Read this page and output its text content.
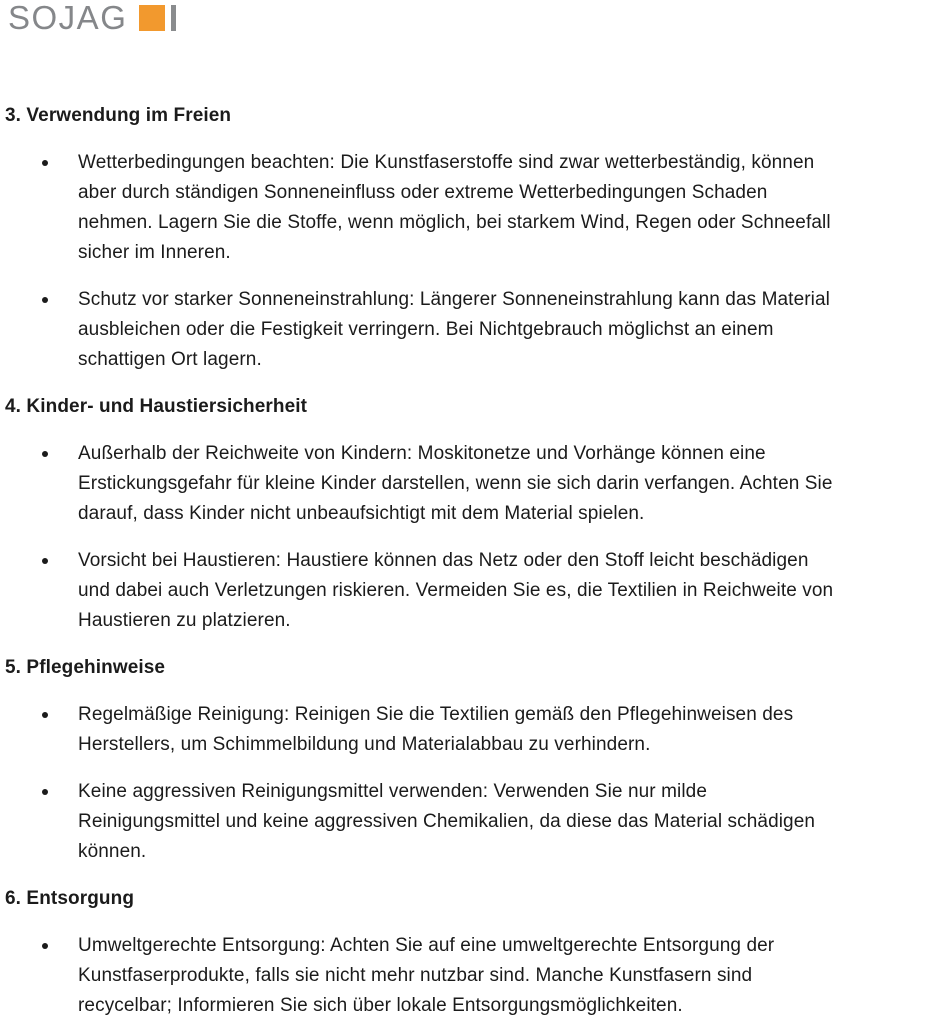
SOJAG
3. Verwendung im Freien
Wetterbedingungen beachten: Die Kunstfaserstoffe sind zwar wetterbeständig, können
aber durch ständigen Sonneneinfluss oder extreme Wetterbedingungen Schaden
nehmen. Lagern Sie die Stoffe, wenn möglich, bei starkem Wind, Regen oder Schneefall
sicher im Inneren.
Schutz vor starker Sonneneinstrahlung: Längerer Sonneneinstrahlung kann das Material
ausbleichen oder die Festigkeit verringern. Bei Nichtgebrauch möglichst an einem
schattigen Ort lagern.
4. Kinder- und Haustiersicherheit
Außerhalb der Reichweite von Kindern: Moskitonetze und Vorhänge können eine
Erstickungsgefahr für kleine Kinder darstellen, wenn sie sich darin verfangen. Achten Sie
darauf, dass Kinder nicht unbeaufsichtigt mit dem Material spielen.
Vorsicht bei Haustieren: Haustiere können das Netz oder den Stoff leicht beschädigen
und dabei auch Verletzungen riskieren. Vermeiden Sie es, die Textilien in Reichweite von
Haustieren zu platzieren.
5. Pflegehinweise
Regelmäßige Reinigung: Reinigen Sie die Textilien gemäß den Pflegehinweisen des
Herstellers, um Schimmelbildung und Materialabbau zu verhindern.
Keine aggressiven Reinigungsmittel verwenden: Verwenden Sie nur milde
Reinigungsmittel und keine aggressiven Chemikalien, da diese das Material schädigen
können.
6. Entsorgung
Umweltgerechte Entsorgung: Achten Sie auf eine umweltgerechte Entsorgung der
Kunstfaserprodukte, falls sie nicht mehr nutzbar sind. Manche Kunstfasern sind
recycelbar; Informieren Sie sich über lokale Entsorgungsmöglichkeiten.
